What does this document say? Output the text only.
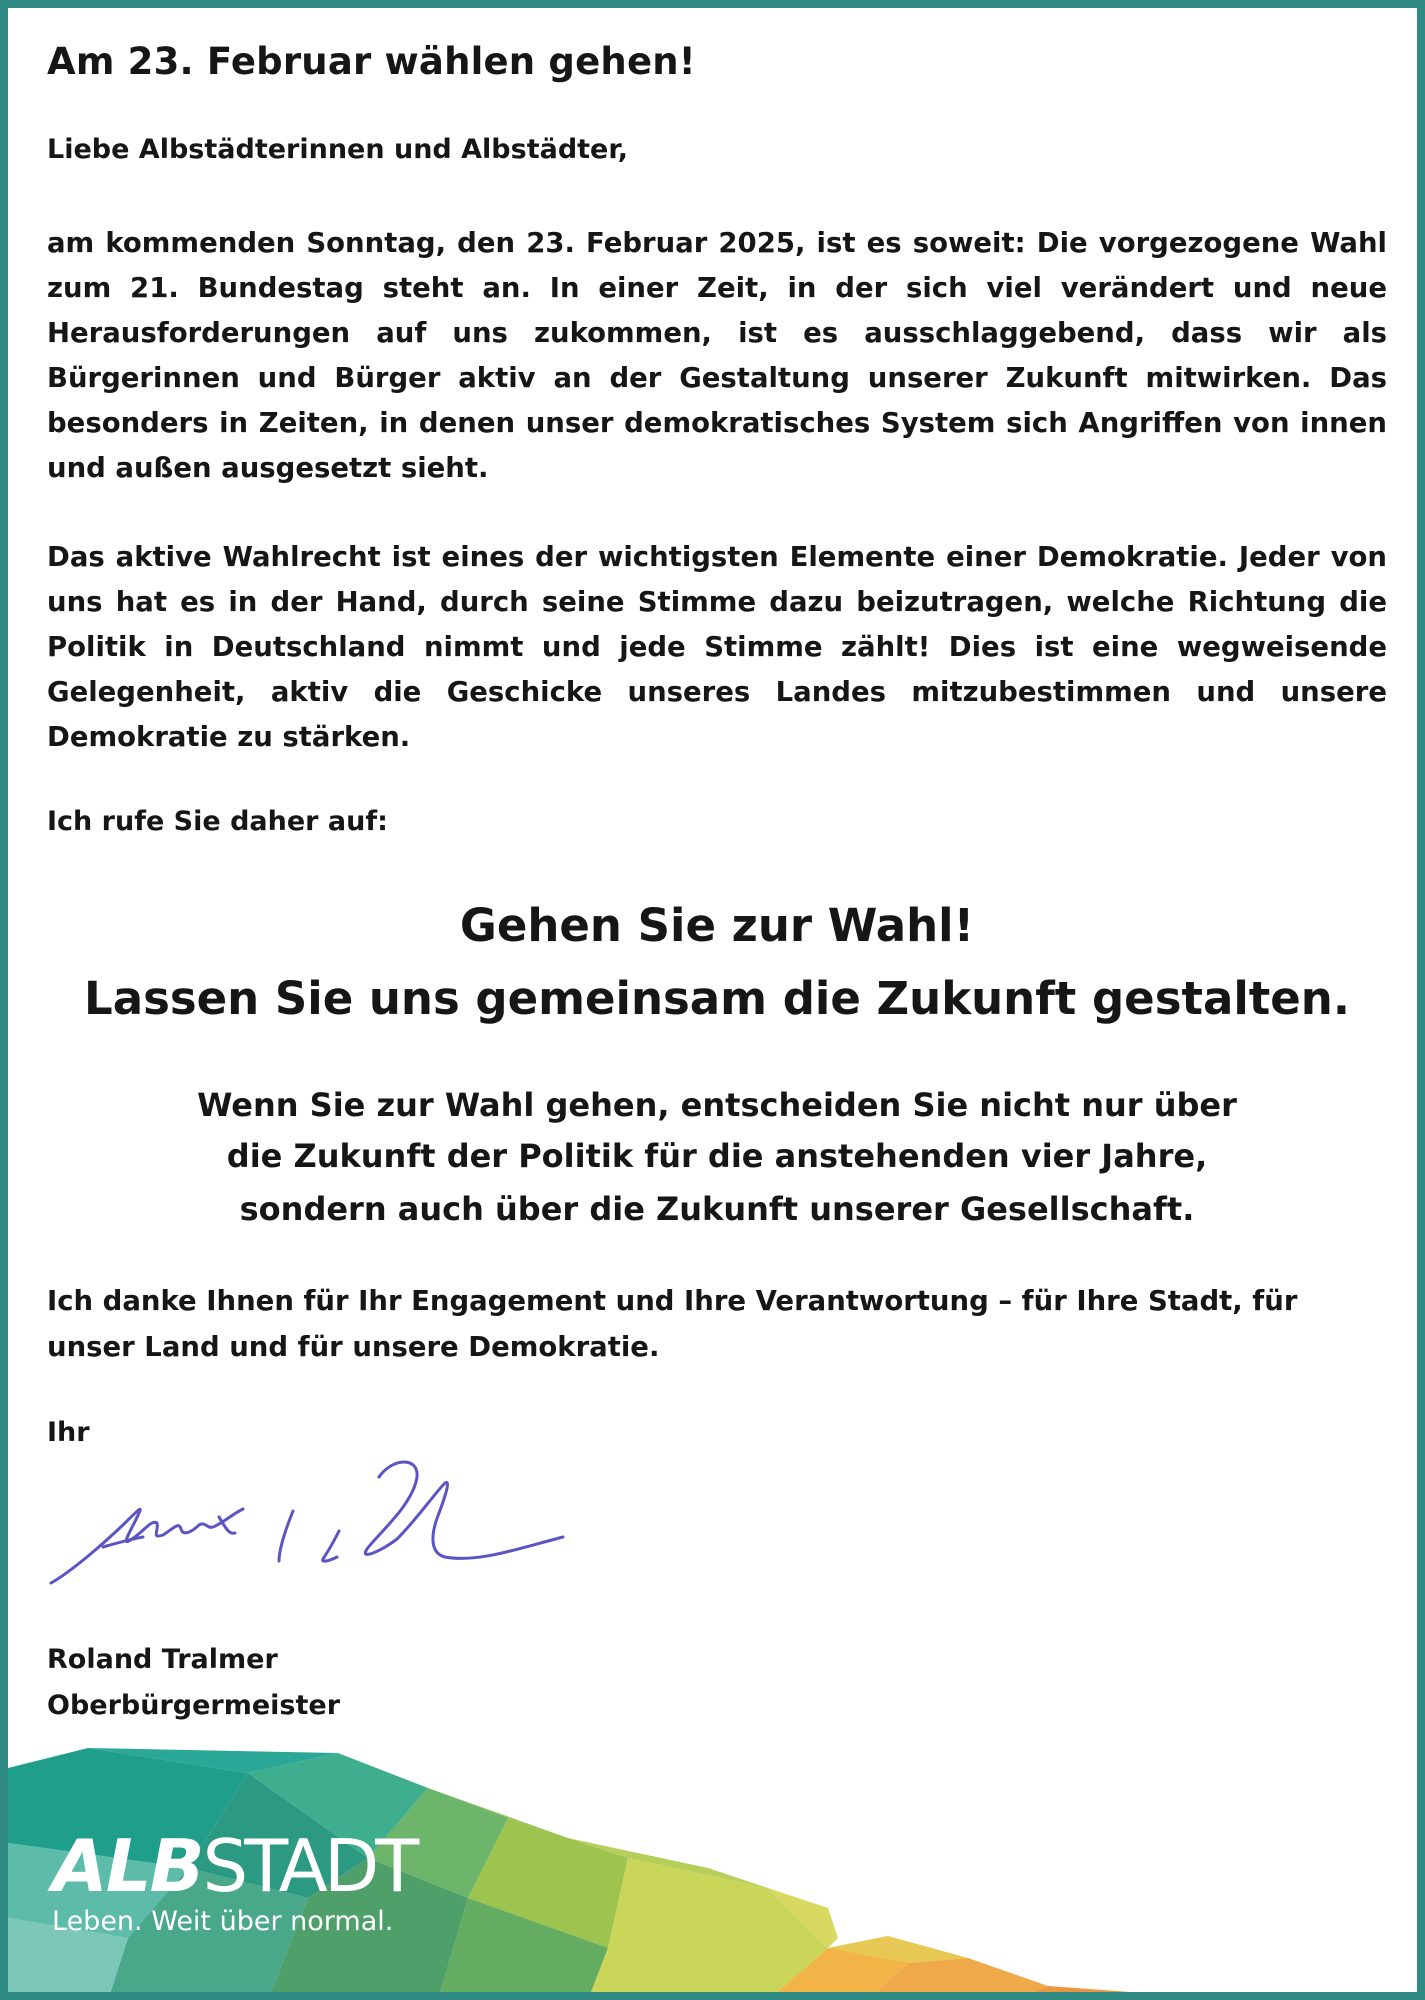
Am 23. Februar wählen gehen!

Liebe Albstädterinnen und Albstädter,

am kommenden Sonntag, den 23. Februar 2025, ist es soweit: Die vorgezogene Wahl zum 21. Bundestag steht an. In einer Zeit, in der sich viel verändert und neue Herausforderungen auf uns zukommen, ist es ausschlaggebend, dass wir als Bürgerinnen und Bürger aktiv an der Gestaltung unserer Zukunft mitwirken. Das besonders in Zeiten, in denen unser demokratisches System sich Angriffen von innen und außen ausgesetzt sieht.

Das aktive Wahlrecht ist eines der wichtigsten Elemente einer Demokratie. Jeder von uns hat es in der Hand, durch seine Stimme dazu beizutragen, welche Richtung die Politik in Deutschland nimmt und jede Stimme zählt! Dies ist eine wegweisende Gelegenheit, aktiv die Geschicke unseres Landes mitzubestimmen und unsere Demokratie zu stärken.

Ich rufe Sie daher auf:

Gehen Sie zur Wahl!
Lassen Sie uns gemeinsam die Zukunft gestalten.
Wenn Sie zur Wahl gehen, entscheiden Sie nicht nur über
die Zukunft der Politik für die anstehenden vier Jahre,
sondern auch über die Zukunft unserer Gesellschaft.

Ich danke Ihnen für Ihr Engagement und Ihre Verantwortung – für Ihre Stadt, für unser Land und für unsere Demokratie.

Ihr

Roland Tralmer

Oberbürgermeister

ALBSTADT
Leben. Weit über normal.
